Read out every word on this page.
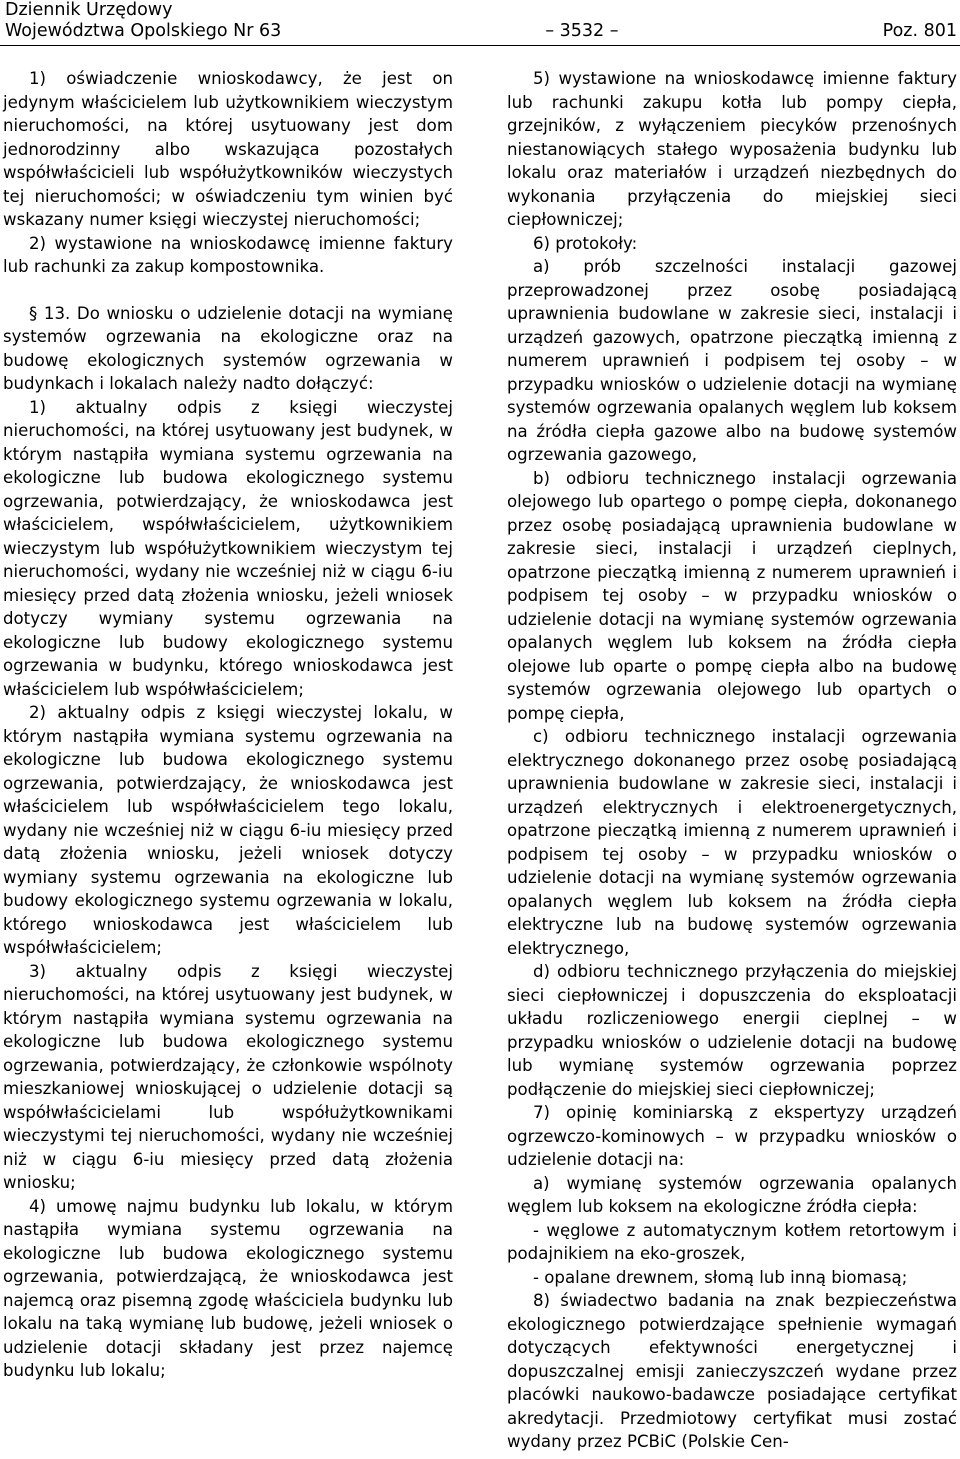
Dziennik Urzędowy
Województwa Opolskiego Nr 63	– 3532 –	Poz. 801

1) oświadczenie wnioskodawcy, że jest on jedynym właścicielem lub użytkownikiem wieczystym nieruchomości, na której usytuowany jest dom jednorodzinny albo wskazująca pozostałych współwłaścicieli lub współużytkowników wieczystych tej nieruchomości; w oświadczeniu tym winien być wskazany numer księgi wieczystej nieruchomości;

2) wystawione na wnioskodawcę imienne faktury lub rachunki za zakup kompostownika.

§ 13. Do wniosku o udzielenie dotacji na wymianę systemów ogrzewania na ekologiczne oraz na budowę ekologicznych systemów ogrzewania w budynkach i lokalach należy nadto dołączyć:

1) aktualny odpis z księgi wieczystej nieruchomości, na której usytuowany jest budynek, w którym nastąpiła wymiana systemu ogrzewania na ekologiczne lub budowa ekologicznego systemu ogrzewania, potwierdzający, że wnioskodawca jest właścicielem, współwłaścicielem, użytkownikiem wieczystym lub współużytkownikiem wieczystym tej nieruchomości, wydany nie wcześniej niż w ciągu 6-iu miesięcy przed datą złożenia wniosku, jeżeli wniosek dotyczy wymiany systemu ogrzewania na ekologiczne lub budowy ekologicznego systemu ogrzewania w budynku, którego wnioskodawca jest właścicielem lub współwłaścicielem;

2) aktualny odpis z księgi wieczystej lokalu, w którym nastąpiła wymiana systemu ogrzewania na ekologiczne lub budowa ekologicznego systemu ogrzewania, potwierdzający, że wnioskodawca jest właścicielem lub współwłaścicielem tego lokalu, wydany nie wcześniej niż w ciągu 6-iu miesięcy przed datą złożenia wniosku, jeżeli wniosek dotyczy wymiany systemu ogrzewania na ekologiczne lub budowy ekologicznego systemu ogrzewania w lokalu, którego wnioskodawca jest właścicielem lub współwłaścicielem;

3) aktualny odpis z księgi wieczystej nieruchomości, na której usytuowany jest budynek, w którym nastąpiła wymiana systemu ogrzewania na ekologiczne lub budowa ekologicznego systemu ogrzewania, potwierdzający, że członkowie wspólnoty mieszkaniowej wnioskującej o udzielenie dotacji są współwłaścicielami lub współużytkownikami wieczystymi tej nieruchomości, wydany nie wcześniej niż w ciągu 6-iu miesięcy przed datą złożenia wniosku;

4) umowę najmu budynku lub lokalu, w którym nastąpiła wymiana systemu ogrzewania na ekologiczne lub budowa ekologicznego systemu ogrzewania, potwierdzającą, że wnioskodawca jest najemcą oraz pisemną zgodę właściciela budynku lub lokalu na taką wymianę lub budowę, jeżeli wniosek o udzielenie dotacji składany jest przez najemcę budynku lub lokalu;

5) wystawione na wnioskodawcę imienne faktury lub rachunki zakupu kotła lub pompy ciepła, grzejników, z wyłączeniem piecyków przenośnych niestanowiących stałego wyposażenia budynku lub lokalu oraz materiałów i urządzeń niezbędnych do wykonania przyłączenia do miejskiej sieci ciepłowniczej;

6) protokoły:

a) prób szczelności instalacji gazowej przeprowadzonej przez osobę posiadającą uprawnienia budowlane w zakresie sieci, instalacji i urządzeń gazowych, opatrzone pieczątką imienną z numerem uprawnień i podpisem tej osoby – w przypadku wniosków o udzielenie dotacji na wymianę systemów ogrzewania opalanych węglem lub koksem na źródła ciepła gazowe albo na budowę systemów ogrzewania gazowego,

b) odbioru technicznego instalacji ogrzewania olejowego lub opartego o pompę ciepła, dokonanego przez osobę posiadającą uprawnienia budowlane w zakresie sieci, instalacji i urządzeń cieplnych, opatrzone pieczątką imienną z numerem uprawnień i podpisem tej osoby – w przypadku wniosków o udzielenie dotacji na wymianę systemów ogrzewania opalanych węglem lub koksem na źródła ciepła olejowe lub oparte o pompę ciepła albo na budowę systemów ogrzewania olejowego lub opartych o pompę ciepła,

c) odbioru technicznego instalacji ogrzewania elektrycznego dokonanego przez osobę posiadającą uprawnienia budowlane w zakresie sieci, instalacji i urządzeń elektrycznych i elektroenergetycznych, opatrzone pieczątką imienną z numerem uprawnień i podpisem tej osoby – w przypadku wniosków o udzielenie dotacji na wymianę systemów ogrzewania opalanych węglem lub koksem na źródła ciepła elektryczne lub na budowę systemów ogrzewania elektrycznego,

d) odbioru technicznego przyłączenia do miejskiej sieci ciepłowniczej i dopuszczenia do eksploatacji układu rozliczeniowego energii cieplnej – w przypadku wniosków o udzielenie dotacji na budowę lub wymianę systemów ogrzewania poprzez podłączenie do miejskiej sieci ciepłowniczej;

7) opinię kominiarską z ekspertyzy urządzeń ogrzewczo-kominowych – w przypadku wniosków o udzielenie dotacji na:

a) wymianę systemów ogrzewania opalanych węglem lub koksem na ekologiczne źródła ciepła:

- węglowe z automatycznym kotłem retortowym i podajnikiem na eko-groszek,

- opalane drewnem, słomą lub inną biomasą;

8) świadectwo badania na znak bezpieczeństwa ekologicznego potwierdzające spełnienie wymagań dotyczących efektywności energetycznej i dopuszczalnej emisji zanieczyszczeń wydane przez placówki naukowo-badawcze posiadające certyfikat akredytacji. Przedmiotowy certyfikat musi zostać wydany przez PCBiC (Polskie Cen-
